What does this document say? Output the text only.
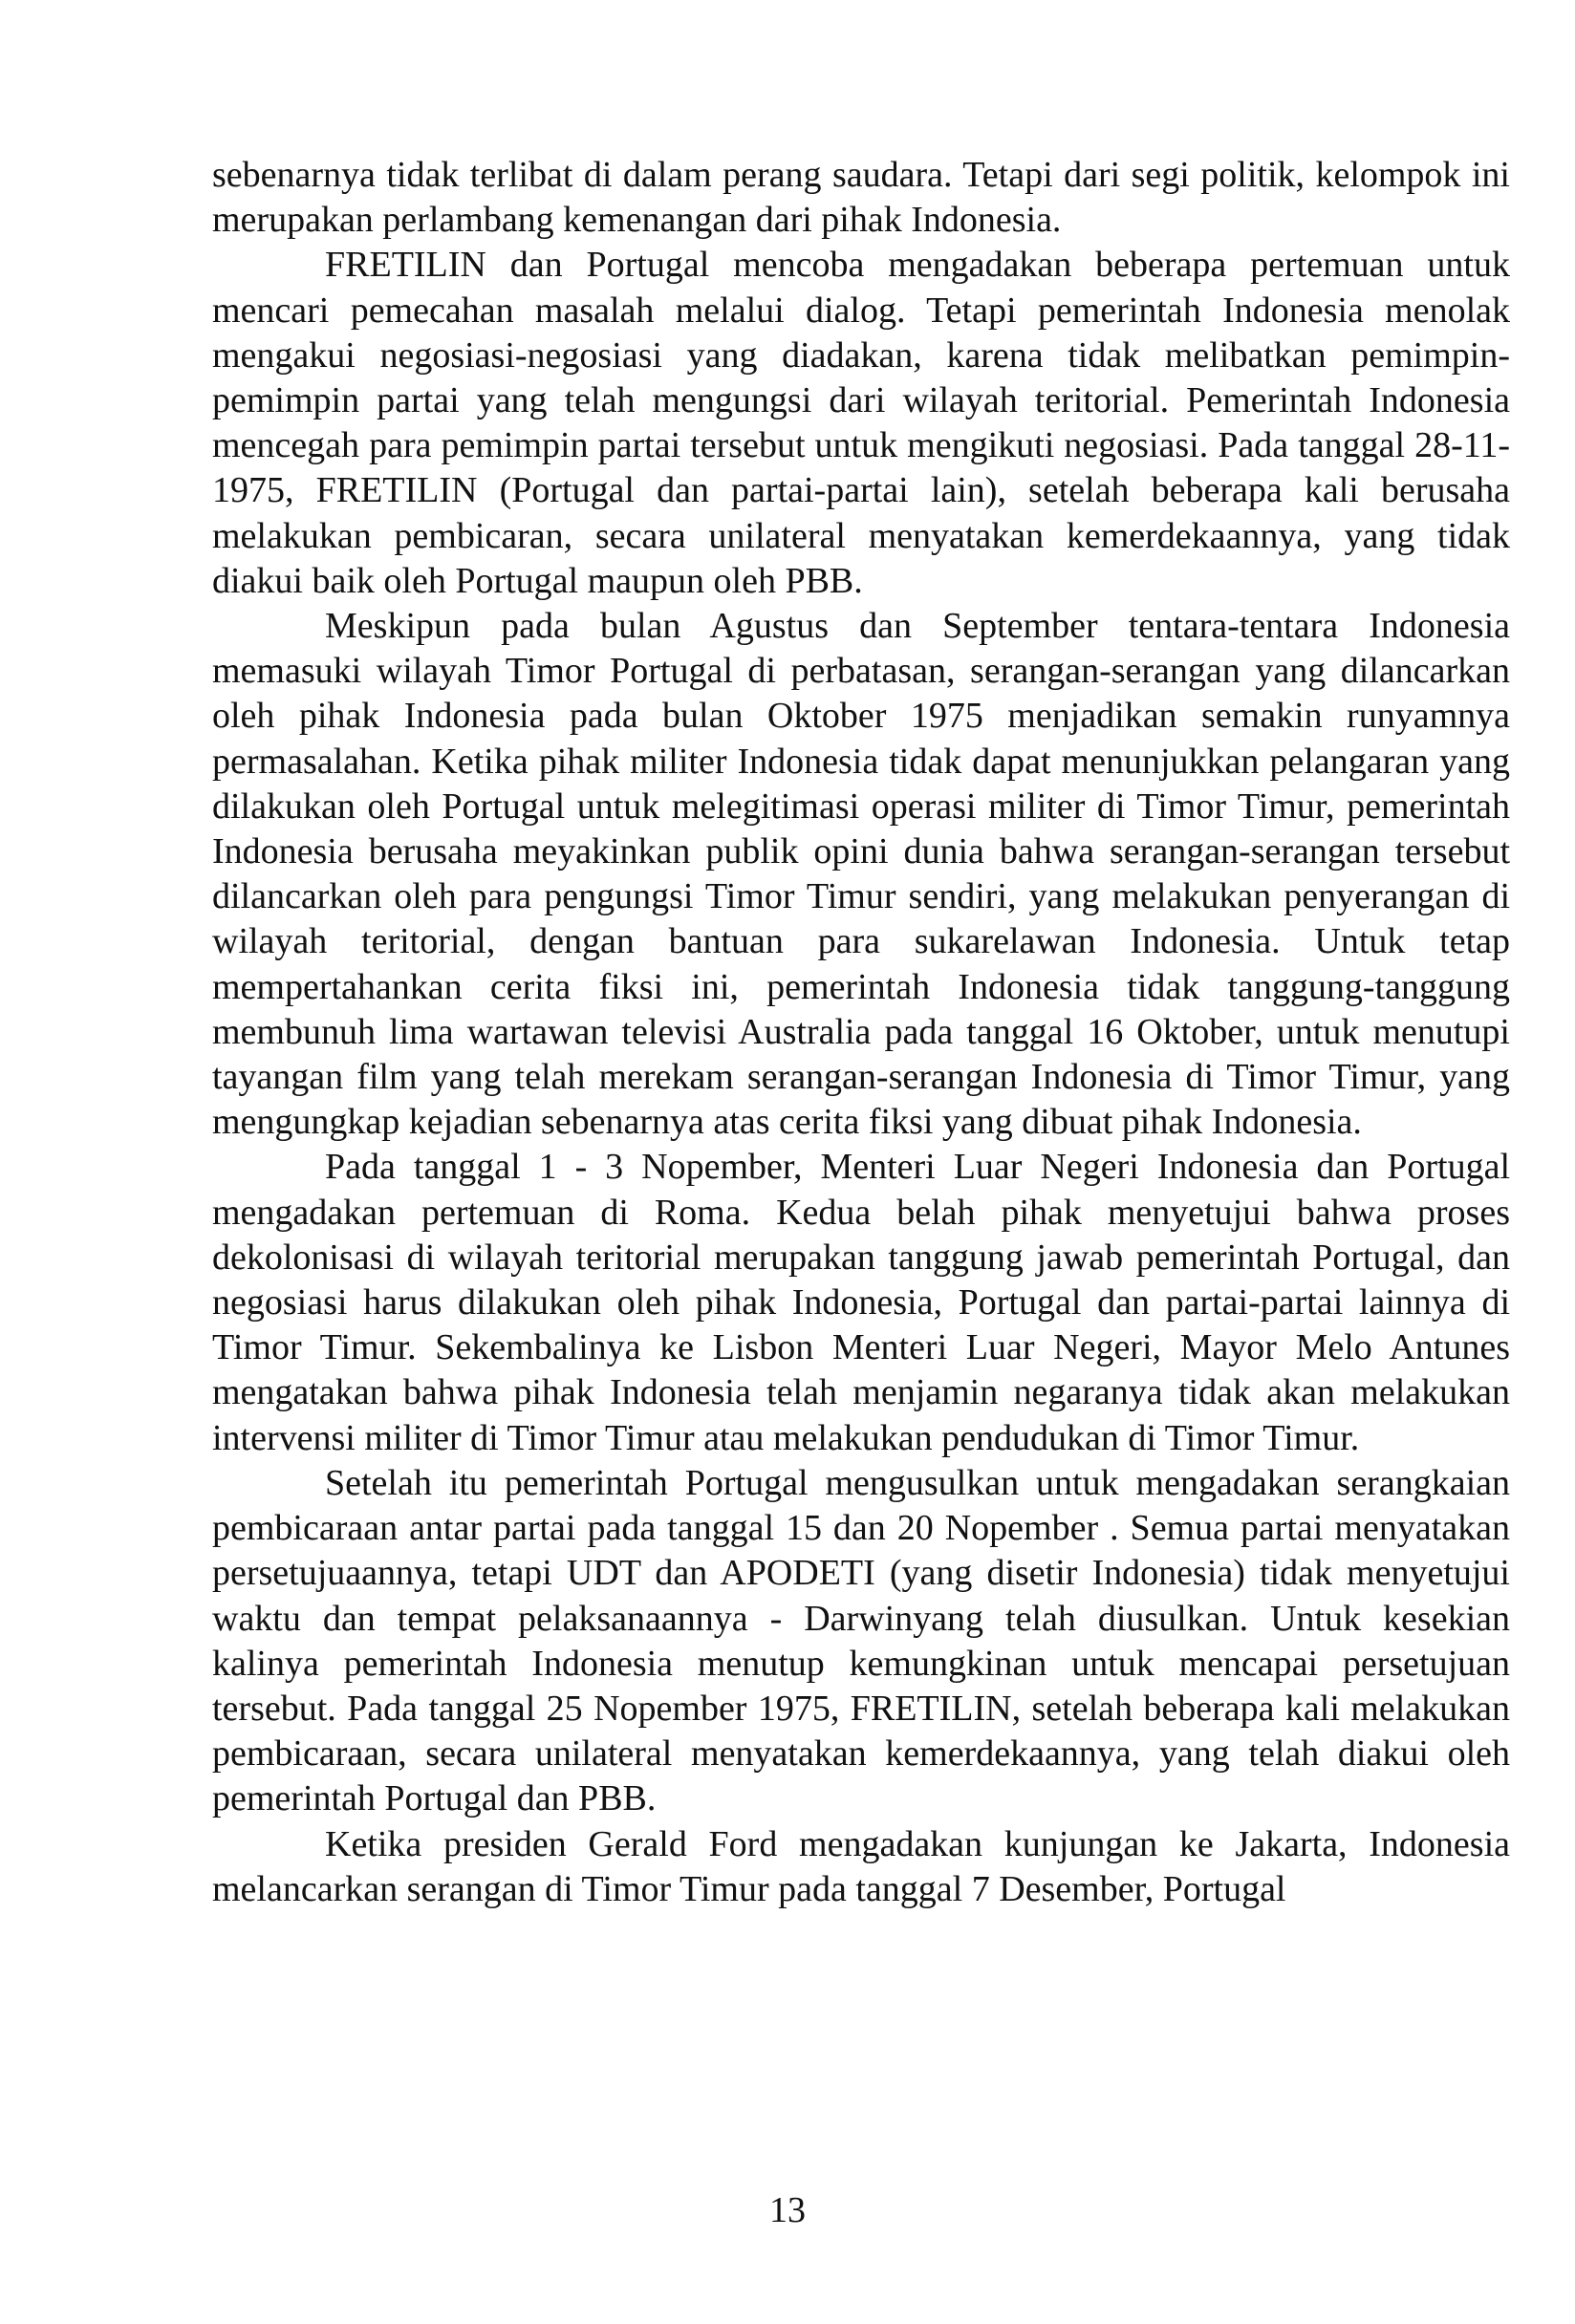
sebenarnya tidak terlibat di dalam perang saudara. Tetapi dari segi politik, kelompok ini merupakan perlambang kemenangan dari pihak Indonesia.

FRETILIN dan Portugal mencoba mengadakan beberapa pertemuan untuk mencari pemecahan masalah melalui dialog. Tetapi pemerintah Indonesia menolak mengakui negosiasi-negosiasi yang diadakan, karena tidak melibatkan pemimpin-pemimpin partai yang telah mengungsi dari wilayah teritorial. Pemerintah Indonesia mencegah para pemimpin partai tersebut untuk mengikuti negosiasi. Pada tanggal 28-11-1975, FRETILIN (Portugal dan partai-partai lain), setelah beberapa kali berusaha melakukan pembicaran, secara unilateral menyatakan kemerdekaannya, yang tidak diakui baik oleh Portugal maupun oleh PBB.

Meskipun pada bulan Agustus dan September tentara-tentara Indonesia memasuki wilayah Timor Portugal di perbatasan, serangan-serangan yang dilancarkan oleh pihak Indonesia pada bulan Oktober 1975 menjadikan semakin runyamnya permasalahan. Ketika pihak militer Indonesia tidak dapat menunjukkan pelangaran yang dilakukan oleh Portugal untuk melegitimasi operasi militer di Timor Timur, pemerintah Indonesia berusaha meyakinkan publik opini dunia bahwa serangan-serangan tersebut dilancarkan oleh para pengungsi Timor Timur sendiri, yang melakukan penyerangan di wilayah teritorial, dengan bantuan para sukarelawan Indonesia. Untuk tetap mempertahankan cerita fiksi ini, pemerintah Indonesia tidak tanggung-tanggung membunuh lima wartawan televisi Australia pada tanggal 16 Oktober, untuk menutupi tayangan film yang telah merekam serangan-serangan Indonesia di Timor Timur, yang mengungkap kejadian sebenarnya atas cerita fiksi yang dibuat pihak Indonesia.

Pada tanggal 1 - 3 Nopember, Menteri Luar Negeri Indonesia dan Portugal mengadakan pertemuan di Roma. Kedua belah pihak menyetujui bahwa proses dekolonisasi di wilayah teritorial merupakan tanggung jawab pemerintah Portugal, dan negosiasi harus dilakukan oleh pihak Indonesia, Portugal dan partai-partai lainnya di Timor Timur. Sekembalinya ke Lisbon Menteri Luar Negeri, Mayor Melo Antunes mengatakan bahwa pihak Indonesia telah menjamin negaranya tidak akan melakukan intervensi militer di Timor Timur atau melakukan pendudukan di Timor Timur.

Setelah itu pemerintah Portugal mengusulkan untuk mengadakan serangkaian pembicaraan antar partai pada tanggal 15 dan 20 Nopember . Semua partai menyatakan persetujuaannya, tetapi UDT dan APODETI (yang disetir Indonesia) tidak menyetujui waktu dan tempat pelaksanaannya - Darwinyang telah diusulkan. Untuk kesekian kalinya pemerintah Indonesia menutup kemungkinan untuk mencapai persetujuan tersebut. Pada tanggal 25 Nopember 1975, FRETILIN, setelah beberapa kali melakukan pembicaraan, secara unilateral menyatakan kemerdekaannya, yang telah diakui oleh pemerintah Portugal dan PBB.

Ketika presiden Gerald Ford mengadakan kunjungan ke Jakarta, Indonesia melancarkan serangan di Timor Timur pada tanggal 7 Desember, Portugal

13
